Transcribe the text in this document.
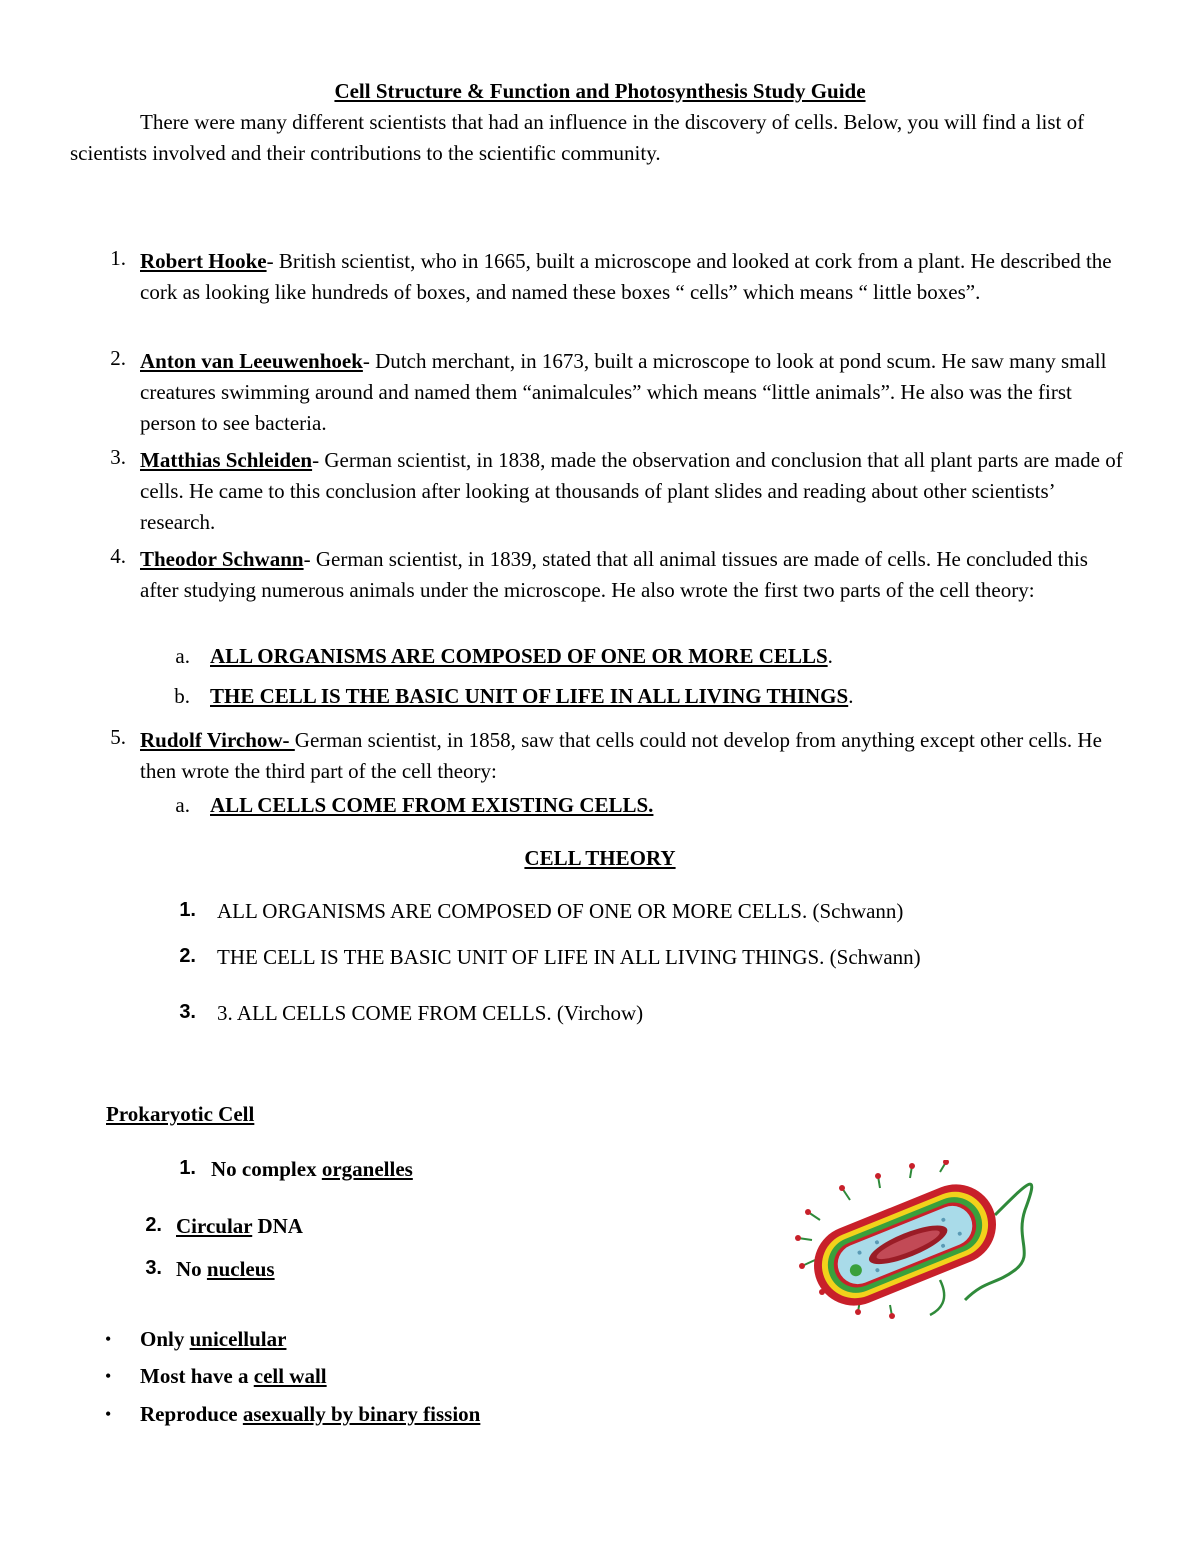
Cell Structure & Function and Photosynthesis Study Guide
There were many different scientists that had an influence in the discovery of cells. Below, you will find a list of scientists involved and their contributions to the scientific community.
1. Robert Hooke- British scientist, who in 1665, built a microscope and looked at cork from a plant. He described the cork as looking like hundreds of boxes, and named these boxes “ cells” which means “ little boxes”.
2. Anton van Leeuwenhoek- Dutch merchant, in 1673, built a microscope to look at pond scum. He saw many small creatures swimming around and named them “animalcules” which means “little animals”. He also was the first person to see bacteria.
3. Matthias Schleiden- German scientist, in 1838, made the observation and conclusion that all plant parts are made of cells. He came to this conclusion after looking at thousands of plant slides and reading about other scientists’ research.
4. Theodor Schwann- German scientist, in 1839, stated that all animal tissues are made of cells. He concluded this after studying numerous animals under the microscope. He also wrote the first two parts of the cell theory:
a. ALL ORGANISMS ARE COMPOSED OF ONE OR MORE CELLS.
b. THE CELL IS THE BASIC UNIT OF LIFE IN ALL LIVING THINGS.
5. Rudolf Virchow- German scientist, in 1858, saw that cells could not develop from anything except other cells. He then wrote the third part of the cell theory:
a. ALL CELLS COME FROM EXISTING CELLS.
CELL THEORY
1. ALL ORGANISMS ARE COMPOSED OF ONE OR MORE CELLS. (Schwann)
2. THE CELL IS THE BASIC UNIT OF LIFE IN ALL LIVING THINGS. (Schwann)
3. 3. ALL CELLS COME FROM CELLS. (Virchow)
Prokaryotic Cell
1. No complex organelles
2. Circular DNA
3. No nucleus
• Only unicellular
• Most have a cell wall
• Reproduce asexually by binary fission
